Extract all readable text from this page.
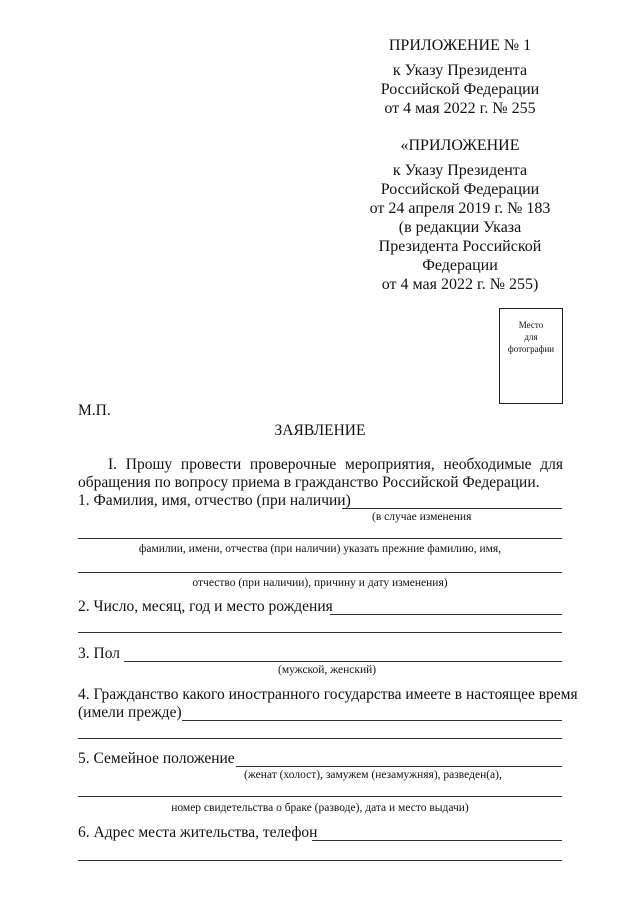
ПРИЛОЖЕНИЕ № 1
к Указу Президента
Российской Федерации
от 4 мая 2022 г. № 255
«ПРИЛОЖЕНИЕ
к Указу Президента
Российской Федерации
от 24 апреля 2019 г. № 183
(в редакции Указа
Президента Российской
Федерации
от 4 мая 2022 г. № 255)
Место
для
фотографии
М.П.
ЗАЯВЛЕНИЕ
I. Прошу провести проверочные мероприятия, необходимые для
обращения по вопросу приема в гражданство Российской Федерации.
1. Фамилия, имя, отчество (при наличии)
(в случае изменения
фамилии, имени, отчества (при наличии) указать прежние фамилию, имя,
отчество (при наличии), причину и дату изменения)
2. Число, месяц, год и место рождения
3. Пол
(мужской, женский)
4. Гражданство какого иностранного государства имеете в настоящее время
(имели прежде)
5. Семейное положение
(женат (холост), замужем (незамужняя), разведен(а),
номер свидетельства о браке (разводе), дата и место выдачи)
6. Адрес места жительства, телефон
